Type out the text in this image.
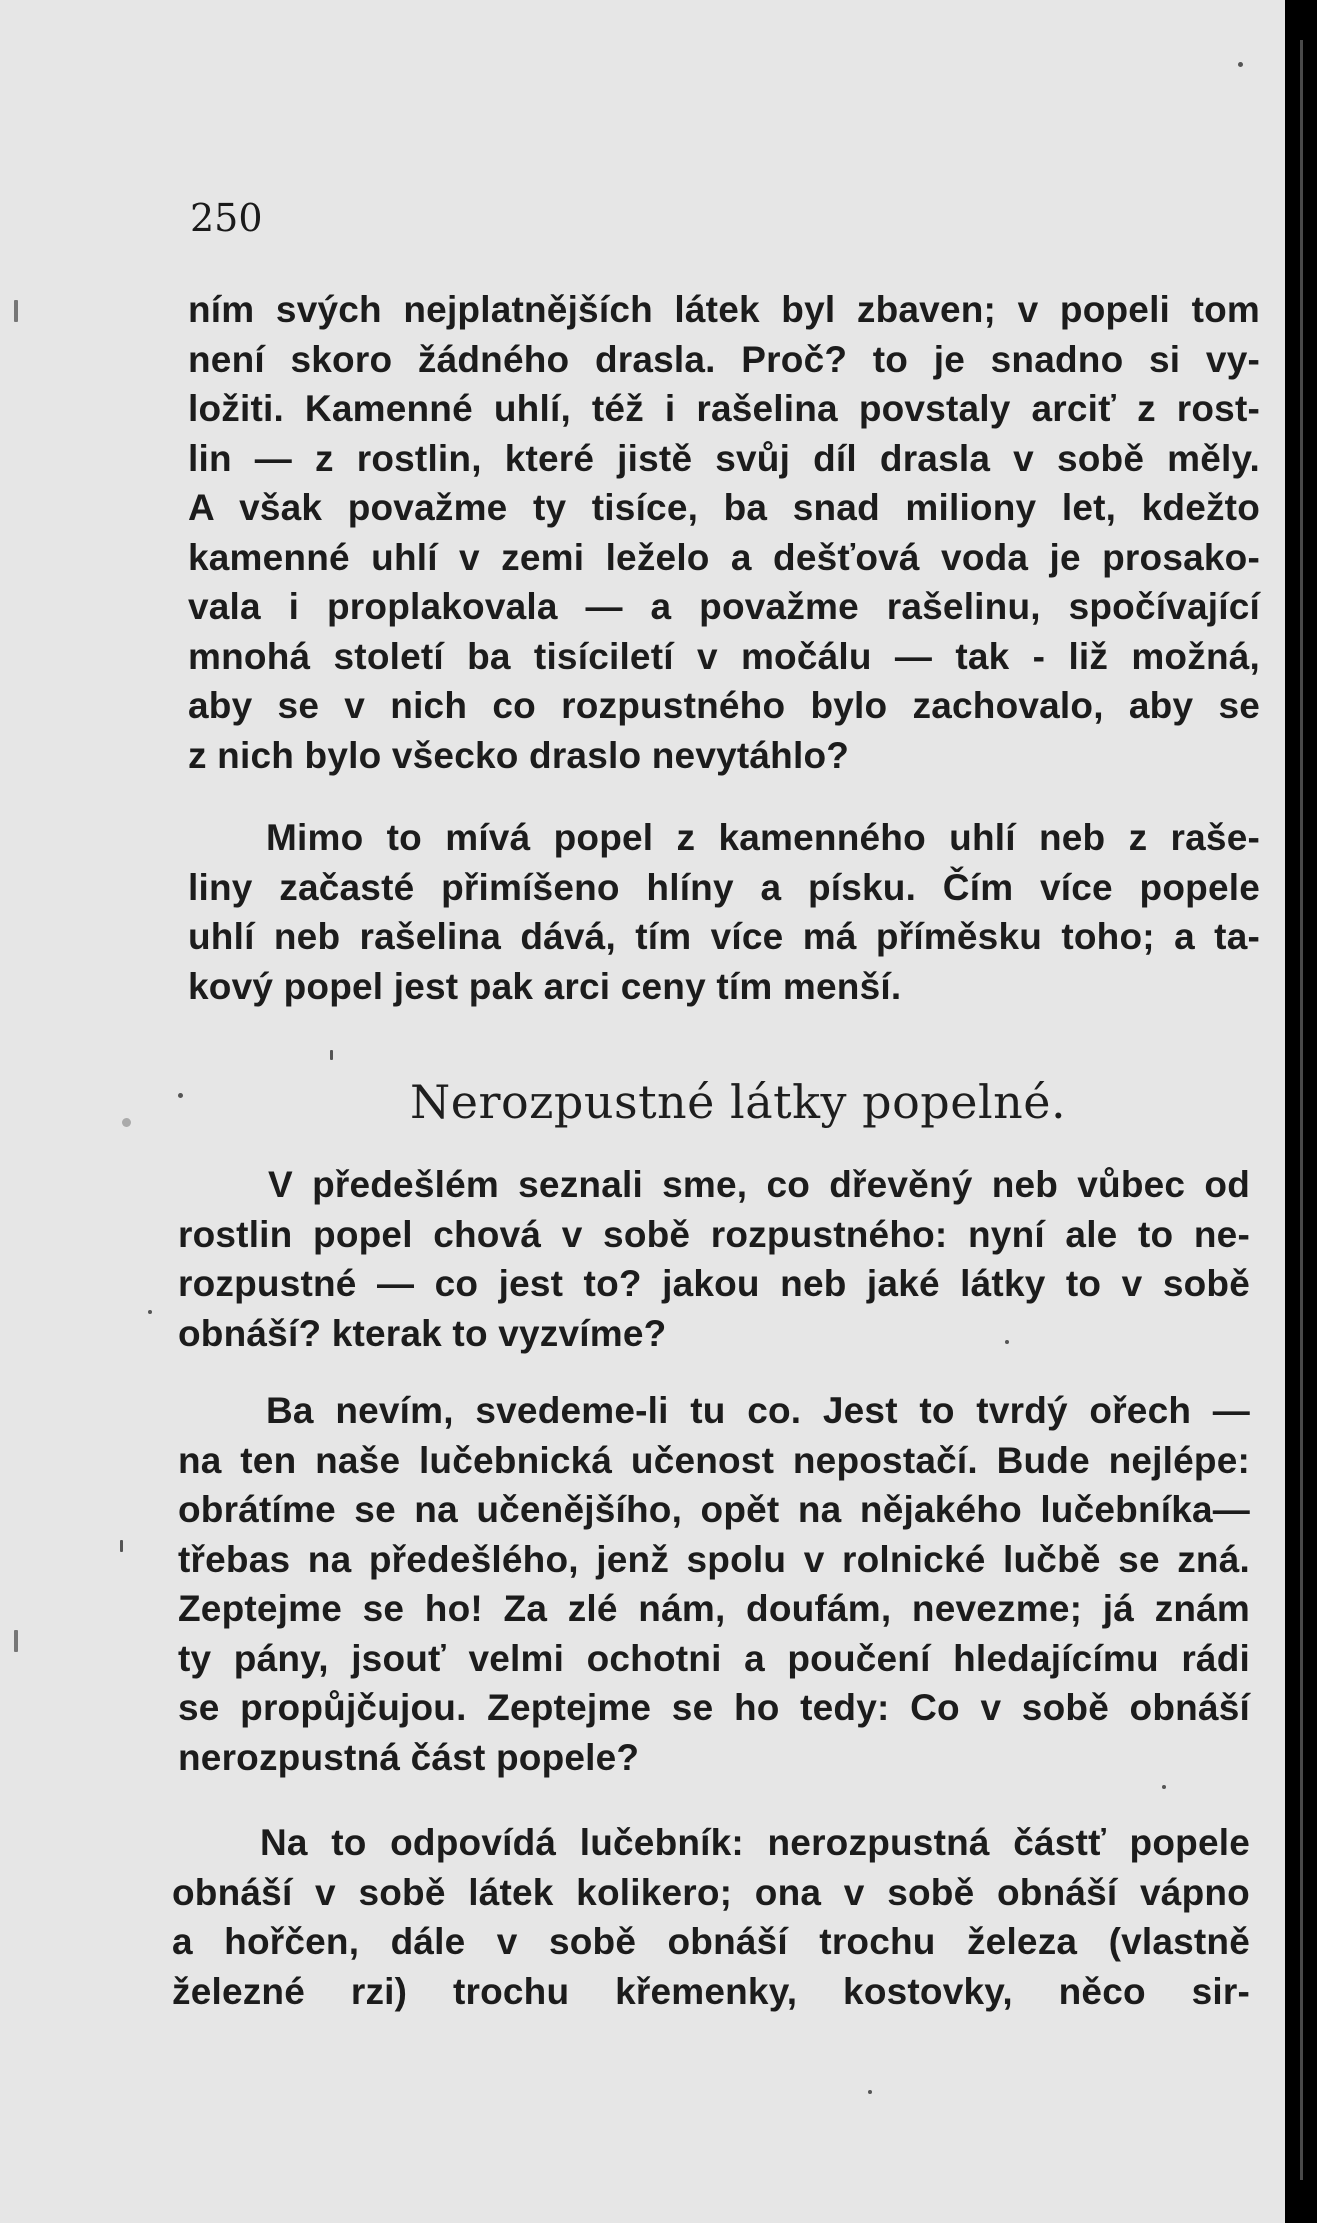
250
ním svých nejplatnějších látek byl zbaven; v popeli tom
není skoro žádného drasla. Proč? to je snadno si vy-
ložiti. Kamenné uhlí, též i rašelina povstaly arciť z rost-
lin — z rostlin, které jistě svůj díl drasla v sobě měly.
A však považme ty tisíce, ba snad miliony let, kdežto
kamenné uhlí v zemi leželo a dešťová voda je prosako-
vala i proplakovala — a považme rašelinu, spočívající
mnohá století ba tisíciletí v močálu — tak - liž možná,
aby se v nich co rozpustného bylo zachovalo, aby se
z nich bylo všecko draslo nevytáhlo?
Mimo to mívá popel z kamenného uhlí neb z raše-
liny začasté přimíšeno hlíny a písku. Čím více popele
uhlí neb rašelina dává, tím více má příměsku toho; a ta-
kový popel jest pak arci ceny tím menší.
Nerozpustné látky popelné.
V předešlém seznali sme, co dřevěný neb vůbec od
rostlin popel chová v sobě rozpustného: nyní ale to ne-
rozpustné — co jest to? jakou neb jaké látky to v sobě
obnáší? kterak to vyzvíme?
Ba nevím, svedeme-li tu co. Jest to tvrdý ořech —
na ten naše lučebnická učenost nepostačí. Bude nejlépe:
obrátíme se na učenějšího, opět na nějakého lučebníka—
třebas na předešlého, jenž spolu v rolnické lučbě se zná.
Zeptejme se ho! Za zlé nám, doufám, nevezme; já znám
ty pány, jsouť velmi ochotni a poučení hledajícímu rádi
se propůjčujou. Zeptejme se ho tedy: Co v sobě obnáší
nerozpustná část popele?
Na to odpovídá lučebník: nerozpustná částť popele
obnáší v sobě látek kolikero; ona v sobě obnáší vápno
a hořčen, dále v sobě obnáší trochu železa (vlastně
železné rzi) trochu křemenky, kostovky, něco sir-
